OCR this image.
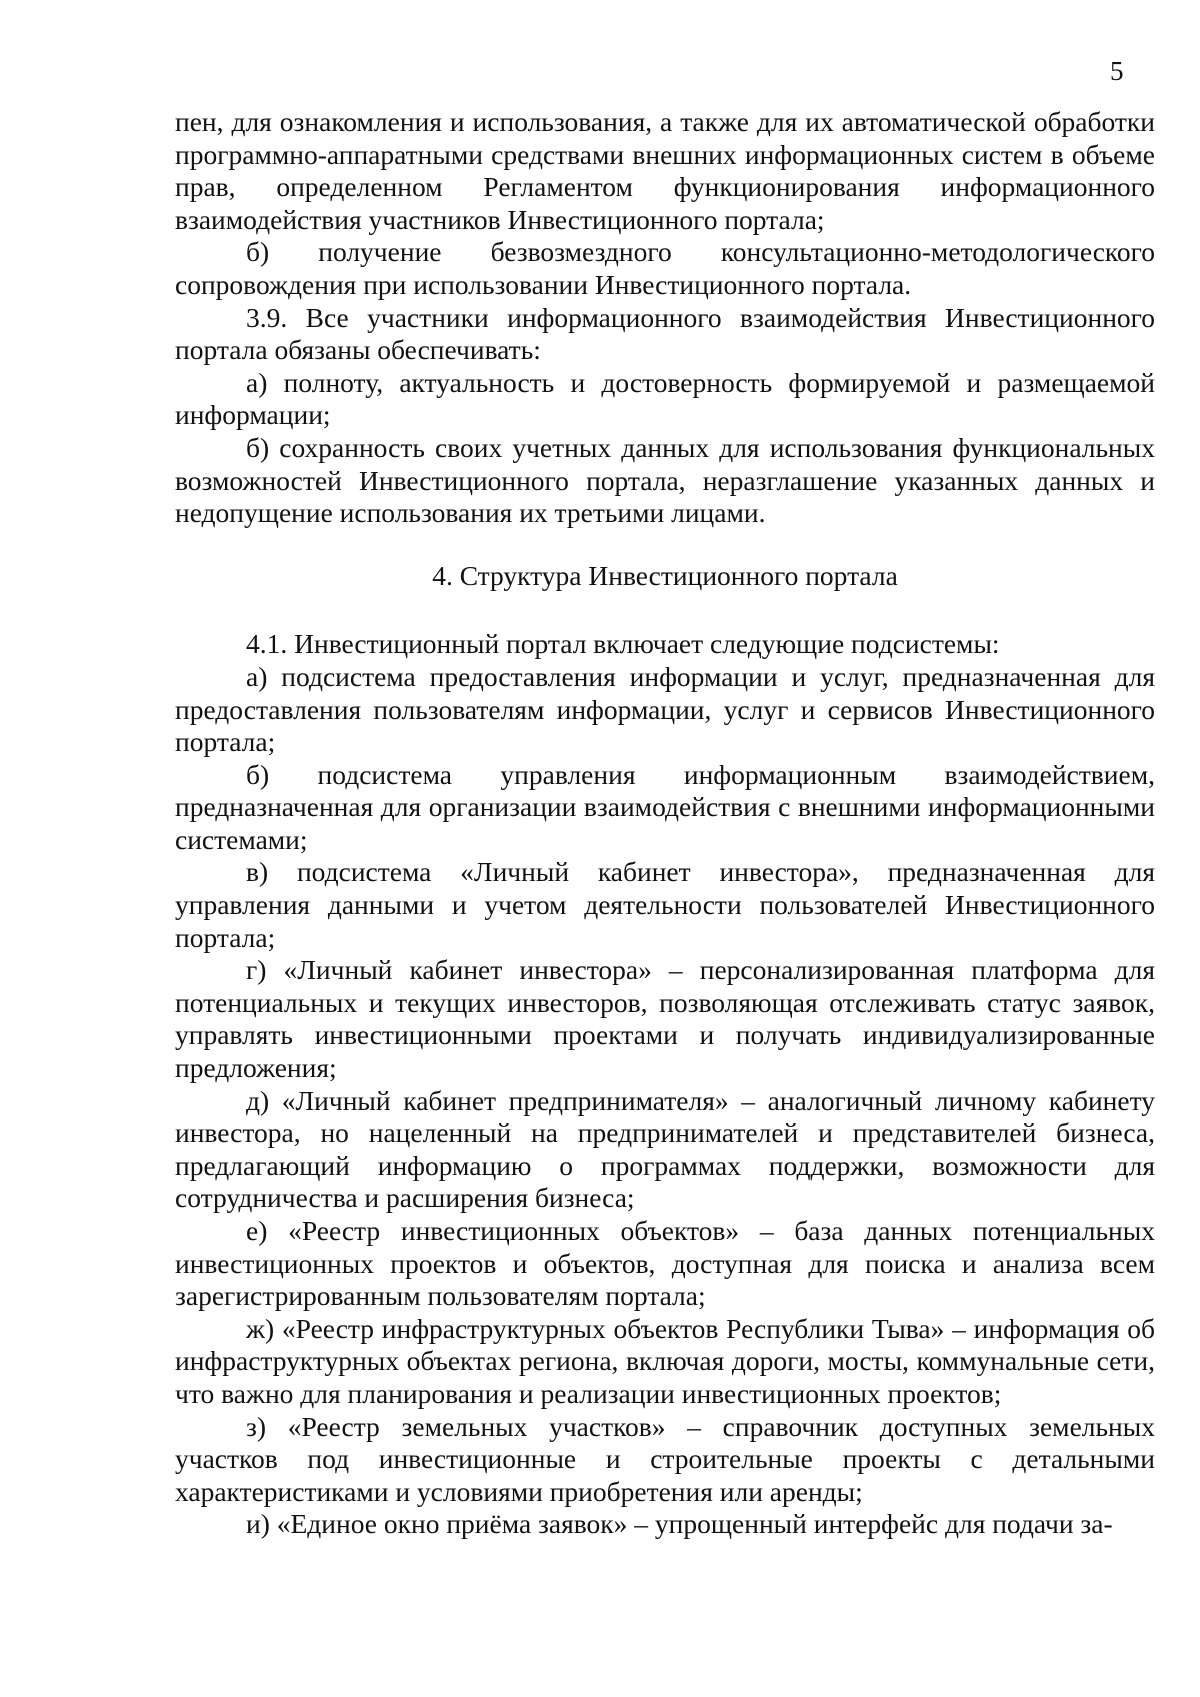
5

пен, для ознакомления и использования, а также для их автоматической обработки программно-аппаратными средствами внешних информационных систем в объеме прав, определенном Регламентом функционирования информационного взаимодействия участников Инвестиционного портала;

б) получение безвозмездного консультационно-методологического сопровождения при использовании Инвестиционного портала.

3.9. Все участники информационного взаимодействия Инвестиционного портала обязаны обеспечивать:

а) полноту, актуальность и достоверность формируемой и размещаемой информации;

б) сохранность своих учетных данных для использования функциональных возможностей Инвестиционного портала, неразглашение указанных данных и недопущение использования их третьими лицами.

4. Структура Инвестиционного портала

4.1. Инвестиционный портал включает следующие подсистемы:

а) подсистема предоставления информации и услуг, предназначенная для предоставления пользователям информации, услуг и сервисов Инвестиционного портала;

б) подсистема управления информационным взаимодействием, предназначенная для организации взаимодействия с внешними информационными системами;

в) подсистема «Личный кабинет инвестора», предназначенная для управления данными и учетом деятельности пользователей Инвестиционного портала;

г) «Личный кабинет инвестора» – персонализированная платформа для потенциальных и текущих инвесторов, позволяющая отслеживать статус заявок, управлять инвестиционными проектами и получать индивидуализированные предложения;

д) «Личный кабинет предпринимателя» – аналогичный личному кабинету инвестора, но нацеленный на предпринимателей и представителей бизнеса, предлагающий информацию о программах поддержки, возможности для сотрудничества и расширения бизнеса;

е) «Реестр инвестиционных объектов» – база данных потенциальных инвестиционных проектов и объектов, доступная для поиска и анализа всем зарегистрированным пользователям портала;

ж) «Реестр инфраструктурных объектов Республики Тыва» – информация об инфраструктурных объектах региона, включая дороги, мосты, коммунальные сети, что важно для планирования и реализации инвестиционных проектов;

з) «Реестр земельных участков» – справочник доступных земельных участков под инвестиционные и строительные проекты с детальными характеристиками и условиями приобретения или аренды;

и) «Единое окно приёма заявок» – упрощенный интерфейс для подачи за-
